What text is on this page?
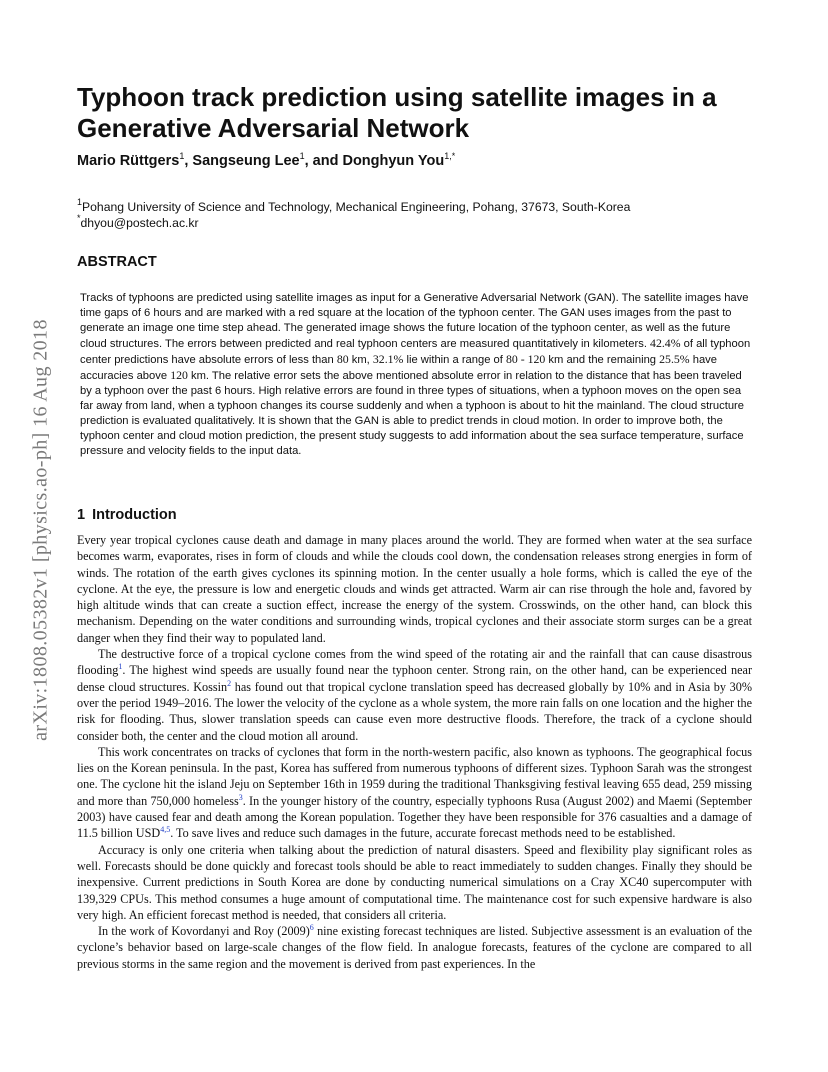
arXiv:1808.05382v1 [physics.ao-ph] 16 Aug 2018
Typhoon track prediction using satellite images in a Generative Adversarial Network
Mario Rüttgers$^1$, Sangseung Lee$^1$, and Donghyun You$^{1,*}$
$^1$Pohang University of Science and Technology, Mechanical Engineering, Pohang, 37673, South-Korea
*dhyou@postech.ac.kr
ABSTRACT

Tracks of typhoons are predicted using satellite images as input for a Generative Adversarial Network (GAN). The satellite images have time gaps of 6 hours and are marked with a red square at the location of the typhoon center. The GAN uses images from the past to generate an image one time step ahead. The generated image shows the future location of the typhoon center, as well as the future cloud structures. The errors between predicted and real typhoon centers are measured quantitatively in kilometers. 42.4% of all typhoon center predictions have absolute errors of less than 80 km, 32.1% lie within a range of 80 - 120 km and the remaining 25.5% have accuracies above 120 km. The relative error sets the above mentioned absolute error in relation to the distance that has been traveled by a typhoon over the past 6 hours. High relative errors are found in three types of situations, when a typhoon moves on the open sea far away from land, when a typhoon changes its course suddenly and when a typhoon is about to hit the mainland. The cloud structure prediction is evaluated qualitatively. It is shown that the GAN is able to predict trends in cloud motion. In order to improve both, the typhoon center and cloud motion prediction, the present study suggests to add information about the sea surface temperature, surface pressure and velocity fields to the input data.

1 Introduction

Every year tropical cyclones cause death and damage in many places around the world. They are formed when water at the sea surface becomes warm, evaporates, rises in form of clouds and while the clouds cool down, the condensation releases strong energies in form of winds. The rotation of the earth gives cyclones its spinning motion. In the center usually a hole forms, which is called the eye of the cyclone. At the eye, the pressure is low and energetic clouds and winds get attracted. Warm air can rise through the hole and, favored by high altitude winds that can create a suction effect, increase the energy of the system. Crosswinds, on the other hand, can block this mechanism. Depending on the water conditions and surrounding winds, tropical cyclones and their associate storm surges can be a great danger when they find their way to populated land.

The destructive force of a tropical cyclone comes from the wind speed of the rotating air and the rainfall that can cause disastrous flooding$^1$. The highest wind speeds are usually found near the typhoon center. Strong rain, on the other hand, can be experienced near dense cloud structures. Kossin$^2$ has found out that tropical cyclone translation speed has decreased globally by 10% and in Asia by 30% over the period 1949–2016. The lower the velocity of the cyclone as a whole system, the more rain falls on one location and the higher the risk for flooding. Thus, slower translation speeds can cause even more destructive floods. Therefore, the track of a cyclone should consider both, the center and the cloud motion all around.

This work concentrates on tracks of cyclones that form in the north-western pacific, also known as typhoons. The geographical focus lies on the Korean peninsula. In the past, Korea has suffered from numerous typhoons of different sizes. Typhoon Sarah was the strongest one. The cyclone hit the island Jeju on September 16th in 1959 during the traditional Thanksgiving festival leaving 655 dead, 259 missing and more than 750,000 homeless$^3$. In the younger history of the country, especially typhoons Rusa (August 2002) and Maemi (September 2003) have caused fear and death among the Korean population. Together they have been responsible for 376 casualties and a damage of 11.5 billion USD$^{4,5}$. To save lives and reduce such damages in the future, accurate forecast methods need to be established.

Accuracy is only one criteria when talking about the prediction of natural disasters. Speed and flexibility play significant roles as well. Forecasts should be done quickly and forecast tools should be able to react immediately to sudden changes. Finally they should be inexpensive. Current predictions in South Korea are done by conducting numerical simulations on a Cray XC40 supercomputer with 139,329 CPUs. This method consumes a huge amount of computational time. The maintenance cost for such expensive hardware is also very high. An efficient forecast method is needed, that considers all criteria.

In the work of Kovordanyi and Roy $(2009)^6$ nine existing forecast techniques are listed. Subjective assessment is an evaluation of the cyclone’s behavior based on large-scale changes of the flow field. In analogue forecasts, features of the cyclone are compared to all previous storms in the same region and the movement is derived from past experiences. In the
